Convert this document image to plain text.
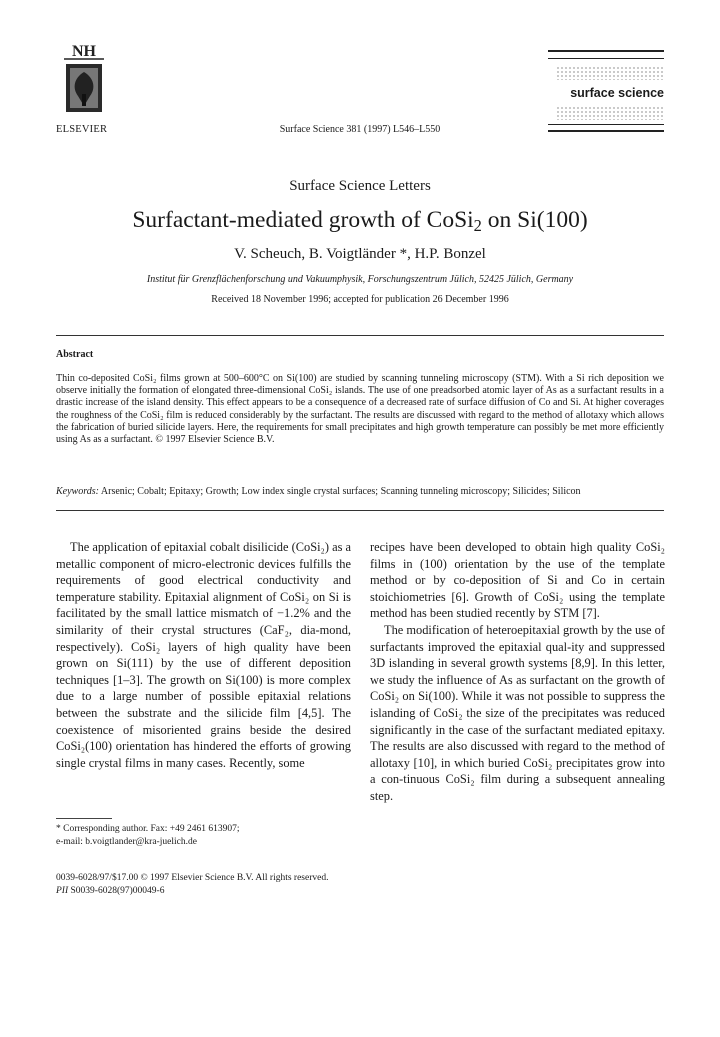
NH
ELSEVIER	Surface Science 381 (1997) L546–L550
surface science
Surface Science Letters
Surfactant-mediated growth of CoSi$_2$ on Si(100)
V. Scheuch, B. Voigtländer *, H.P. Bonzel
Institut für Grenzflächenforschung und Vakuumphysik, Forschungszentrum Jülich, 52425 Jülich, Germany
Received 18 November 1996; accepted for publication 26 December 1996
Abstract

Thin co-deposited CoSi₂ films grown at 500–600°C on Si(100) are studied by scanning tunneling microscopy (STM). With a Si rich deposition we observe initially the formation of elongated three-dimensional CoSi₂ islands. The use of one preadsorbed atomic layer of As as a surfactant results in a drastic increase of the island density. This effect appears to be a consequence of a decreased rate of surface diffusion of Co and Si. At higher coverages the roughness of the CoSi₂ film is reduced considerably by the surfactant. The results are discussed with regard to the method of allotaxy which allows the fabrication of buried silicide layers. Here, the requirements for small precipitates and high growth temperature can possibly be met more efficiently using As as a surfactant. © 1997 Elsevier Science B.V.

Keywords: Arsenic; Cobalt; Epitaxy; Growth; Low index single crystal surfaces; Scanning tunneling microscopy; Silicides; Silicon

The application of epitaxial cobalt disilicide (CoSi₂) as a metallic component of micro-electronic devices fulfills the requirements of good electrical conductivity and temperature stability. Epitaxial alignment of CoSi₂ on Si is facilitated by the small lattice mismatch of −1.2% and the similarity of their crystal structures (CaF₂, dia-mond, respectively). CoSi₂ layers of high quality have been grown on Si(111) by the use of different deposition techniques [1–3]. The growth on Si(100) is more complex due to a large number of possible epitaxial relations between the substrate and the silicide film [4,5]. The coexistence of misoriented grains beside the desired CoSi₂(100) orientation has hindered the efforts of growing single crystal films in many cases. Recently, some

recipes have been developed to obtain high quality CoSi₂ films in (100) orientation by the use of the template method or by co-deposition of Si and Co in certain stoichiometries [6]. Growth of CoSi₂ using the template method has been studied recently by STM [7].

The modification of heteroepitaxial growth by the use of surfactants improved the epitaxial qual-ity and suppressed 3D islanding in several growth systems [8,9]. In this letter, we study the influence of As as surfactant on the growth of CoSi₂ on Si(100). While it was not possible to suppress the islanding of CoSi₂ the size of the precipitates was reduced significantly in the case of the surfactant mediated epitaxy. The results are also discussed with regard to the method of allotaxy [10], in which buried CoSi₂ precipitates grow into a con-tinuous CoSi₂ film during a subsequent annealing step.

* Corresponding author. Fax: +49 2461 613907;
e-mail: b.voigtlander@kra-juelich.de
0039-6028/97/$17.00 © 1997 Elsevier Science B.V. All rights reserved.
PII S0039-6028(97)00049-6
